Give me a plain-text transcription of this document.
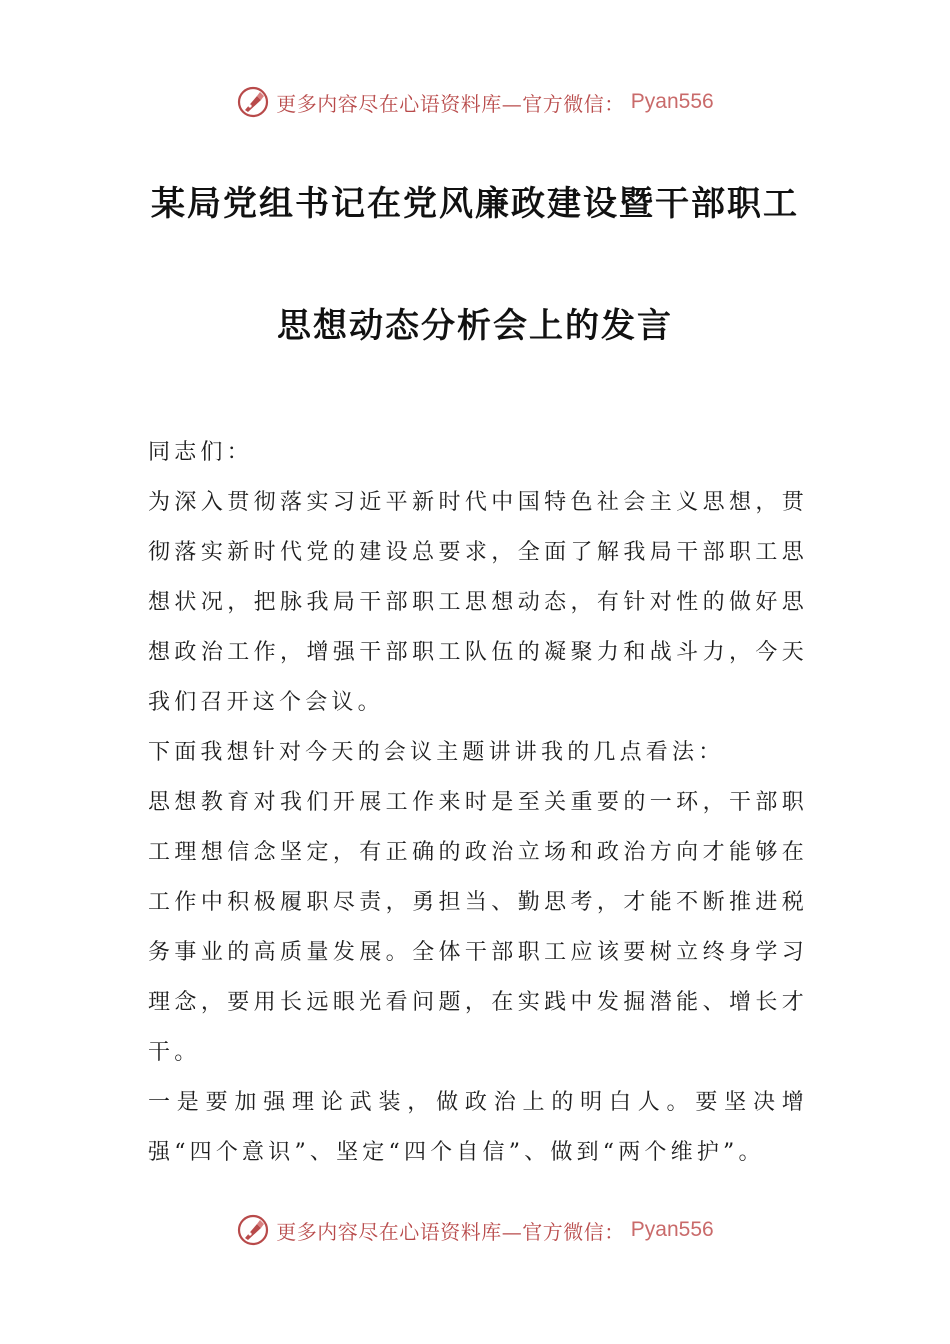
更多内容尽在心语资料库—官方微信： Pyan556
某局党组书记在党风廉政建设暨干部职工
思想动态分析会上的发言

同志们：

为深入贯彻落实习近平新时代中国特色社会主义思想，贯彻落实新时代党的建设总要求，全面了解我局干部职工思想状况，把脉我局干部职工思想动态，有针对性的做好思想政治工作，增强干部职工队伍的凝聚力和战斗力，今天我们召开这个会议。

下面我想针对今天的会议主题讲讲我的几点看法：

思想教育对我们开展工作来时是至关重要的一环，干部职工理想信念坚定，有正确的政治立场和政治方向才能够在工作中积极履职尽责，勇担当、勤思考，才能不断推进税务事业的高质量发展。全体干部职工应该要树立终身学习理念，要用长远眼光看问题，在实践中发掘潜能、增长才干。

一是要加强理论武装，做政治上的明白人。要坚决增强“四个意识”、坚定“四个自信”、做到“两个维护”。

更多内容尽在心语资料库—官方微信： Pyan556
